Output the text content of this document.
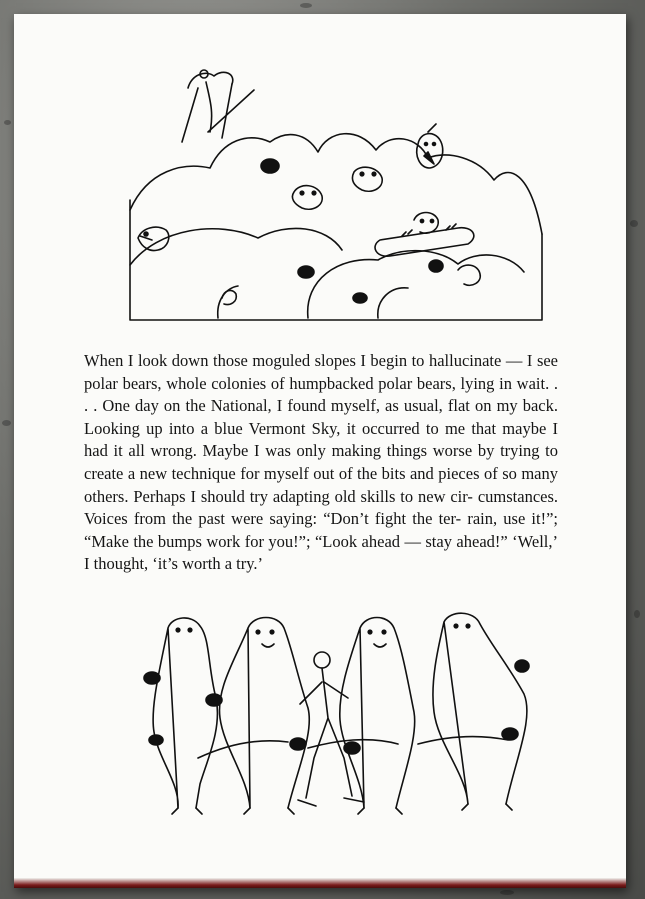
When I look down those moguled slopes I begin to hallucinate — I see polar bears, whole colonies of humpbacked polar bears, lying in wait. . . . One day on the National, I found myself, as usual, flat on my back. Looking up into a blue Vermont Sky, it occurred to me that maybe I had it all wrong. Maybe I was only making things worse by trying to create a new technique for myself out of the bits and pieces of so many others. Perhaps I should try adapting old skills to new cir- cumstances. Voices from the past were saying: “Don’t fight the ter- rain, use it!”; “Make the bumps work for you!”; “Look ahead — stay ahead!” ‘Well,’ I thought, ‘it’s worth a try.’
